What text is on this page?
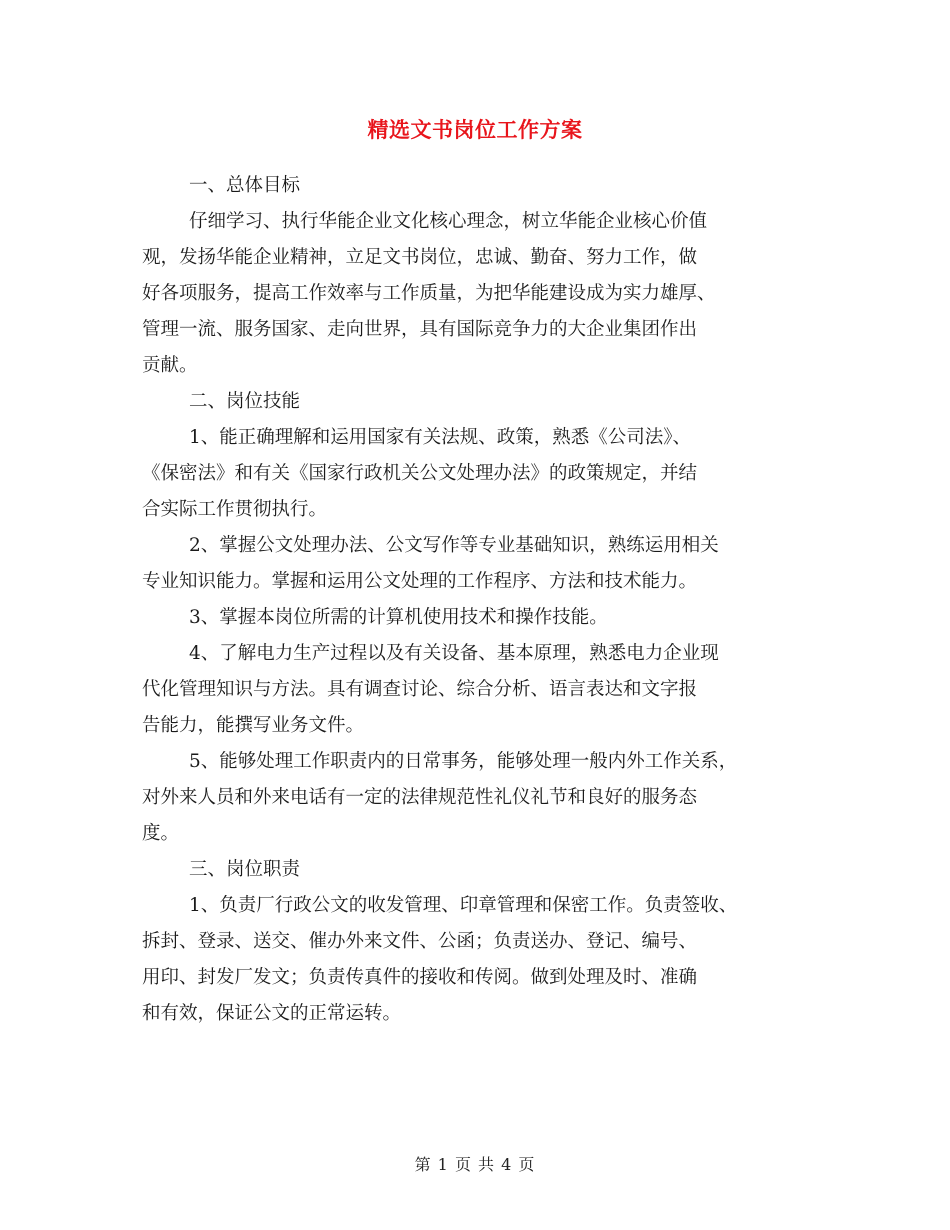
精选文书岗位工作方案
一、总体目标
仔细学习、执行华能企业文化核心理念，树立华能企业核心价值
观，发扬华能企业精神，立足文书岗位，忠诚、勤奋、努力工作，做
好各项服务，提高工作效率与工作质量，为把华能建设成为实力雄厚、
管理一流、服务国家、走向世界，具有国际竞争力的大企业集团作出
贡献。
二、岗位技能
1、能正确理解和运用国家有关法规、政策，熟悉《公司法》、
《保密法》和有关《国家行政机关公文处理办法》的政策规定，并结
合实际工作贯彻执行。
2、掌握公文处理办法、公文写作等专业基础知识，熟练运用相关
专业知识能力。掌握和运用公文处理的工作程序、方法和技术能力。
3、掌握本岗位所需的计算机使用技术和操作技能。
4、了解电力生产过程以及有关设备、基本原理，熟悉电力企业现
代化管理知识与方法。具有调查讨论、综合分析、语言表达和文字报
告能力，能撰写业务文件。
5、能够处理工作职责内的日常事务，能够处理一般内外工作关系，
对外来人员和外来电话有一定的法律规范性礼仪礼节和良好的服务态
度。
三、岗位职责
1、负责厂行政公文的收发管理、印章管理和保密工作。负责签收、
拆封、登录、送交、催办外来文件、公函；负责送办、登记、编号、
用印、封发厂发文；负责传真件的接收和传阅。做到处理及时、准确
和有效，保证公文的正常运转。
第 1 页 共 4 页
